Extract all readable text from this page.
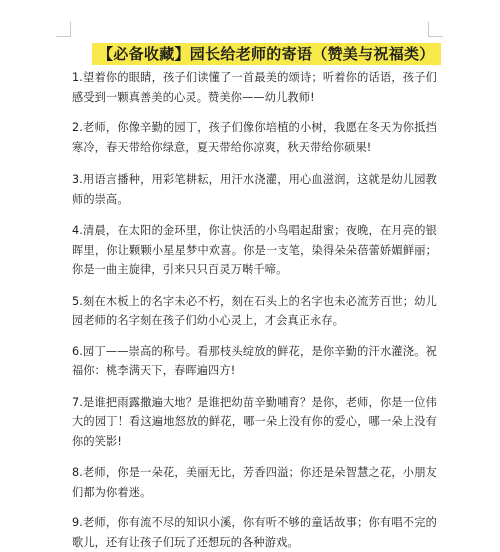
【必备收藏】园长给老师的寄语（赞美与祝福类）

1.望着你的眼睛，孩子们读懂了一首最美的颂诗；听着你的话语，孩子们感受到一颗真善美的心灵。赞美你——幼儿教师!

2.老师，你像辛勤的园丁，孩子们像你培植的小树，我愿在冬天为你抵挡寒冷，春天带给你绿意，夏天带给你凉爽，秋天带给你硕果!

3.用语言播种，用彩笔耕耘，用汗水浇灌，用心血滋润，这就是幼儿园教师的崇高。

4.清晨，在太阳的金环里，你让快活的小鸟唱起甜蜜；夜晚，在月亮的银晖里，你让颗颗小星星梦中欢喜。你是一支笔，染得朵朵蓓蕾娇媚鲜丽；你是一曲主旋律，引来只只百灵万啭千啼。

5.刻在木板上的名字未必不朽，刻在石头上的名字也未必流芳百世；幼儿园老师的名字刻在孩子们幼小心灵上，才会真正永存。

6.园丁——崇高的称号。看那枝头绽放的鲜花，是你辛勤的汗水灌浇。祝福你：桃李满天下，春晖遍四方!

7.是谁把雨露撒遍大地？是谁把幼苗辛勤哺育？是你，老师，你是一位伟大的园丁！看这遍地怒放的鲜花，哪一朵上没有你的爱心，哪一朵上没有你的笑影!

8.老师，你是一朵花，美丽无比，芳香四溢；你还是朵智慧之花，小朋友们都为你着迷。

9.老师，你有流不尽的知识小溪，你有听不够的童话故事；你有唱不完的歌儿，还有让孩子们玩了还想玩的各种游戏。
